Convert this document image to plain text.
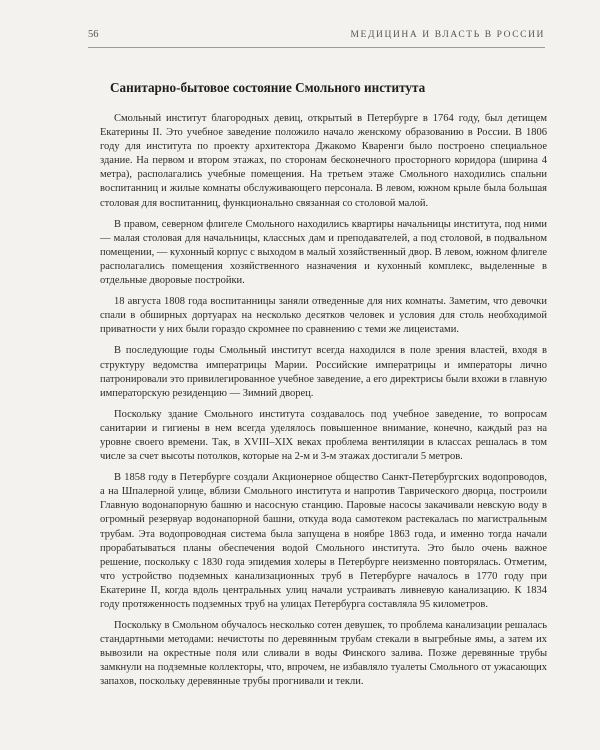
56	МЕДИЦИНА И ВЛАСТЬ В РОССИИ
Санитарно-бытовое состояние Смольного института

Смольный институт благородных девиц, открытый в Петербурге в 1764 году, был детищем Екатерины II. Это учебное заведение положило начало женскому образованию в России. В 1806 году для института по проекту архитектора Джакомо Кваренги было построено специальное здание. На первом и втором этажах, по сторонам бесконечного просторного коридора (ширина 4 метра), располагались учебные помещения. На третьем этаже Смольного находились спальни воспитанниц и жилые комнаты обслуживающего персонала. В левом, южном крыле была большая столовая для воспитанниц, функционально связанная со столовой малой.

В правом, северном флигеле Смольного находились квартиры начальницы института, под ними — малая столовая для начальницы, классных дам и преподавателей, а под столовой, в подвальном помещении, — кухонный корпус с выходом в малый хозяйственный двор. В левом, южном флигеле располагались помещения хозяйственного назначения и кухонный комплекс, выделенные в отдельные дворовые постройки.

18 августа 1808 года воспитанницы заняли отведенные для них комнаты. Заметим, что девочки спали в обширных дортуарах на несколько десятков человек и условия для столь необходимой приватности у них были гораздо скромнее по сравнению с теми же лицеистами.

В последующие годы Смольный институт всегда находился в поле зрения властей, входя в структуру ведомства императрицы Марии. Российские императрицы и императоры лично патронировали это привилегированное учебное заведение, а его директрисы были вхожи в главную императорскую резиденцию — Зимний дворец.

Поскольку здание Смольного института создавалось под учебное заведение, то вопросам санитарии и гигиены в нем всегда уделялось повышенное внимание, конечно, каждый раз на уровне своего времени. Так, в XVIII–XIX веках проблема вентиляции в классах решалась в том числе за счет высоты потолков, которые на 2-м и 3-м этажах достигали 5 метров.

В 1858 году в Петербурге создали Акционерное общество Санкт-Петербургских водопроводов, а на Шпалерной улице, вблизи Смольного института и напротив Таврического дворца, построили Главную водонапорную башню и насосную станцию. Паровые насосы закачивали невскую воду в огромный резервуар водонапорной башни, откуда вода самотеком растекалась по магистральным трубам. Эта водопроводная система была запущена в ноябре 1863 года, и именно тогда начали прорабатываться планы обеспечения водой Смольного института. Это было очень важное решение, поскольку с 1830 года эпидемия холеры в Петербурге неизменно повторялась. Отметим, что устройство подземных канализационных труб в Петербурге началось в 1770 году при Екатерине II, когда вдоль центральных улиц начали устраивать ливневую канализацию. К 1834 году протяженность подземных труб на улицах Петербурга составляла 95 километров.

Поскольку в Смольном обучалось несколько сотен девушек, то проблема канализации решалась стандартными методами: нечистоты по деревянным трубам стекали в выгребные ямы, а затем их вывозили на окрестные поля или сливали в воды Финского залива. Позже деревянные трубы замкнули на подземные коллекторы, что, впрочем, не избавляло туалеты Смольного от ужасающих запахов, поскольку деревянные трубы прогнивали и текли.
